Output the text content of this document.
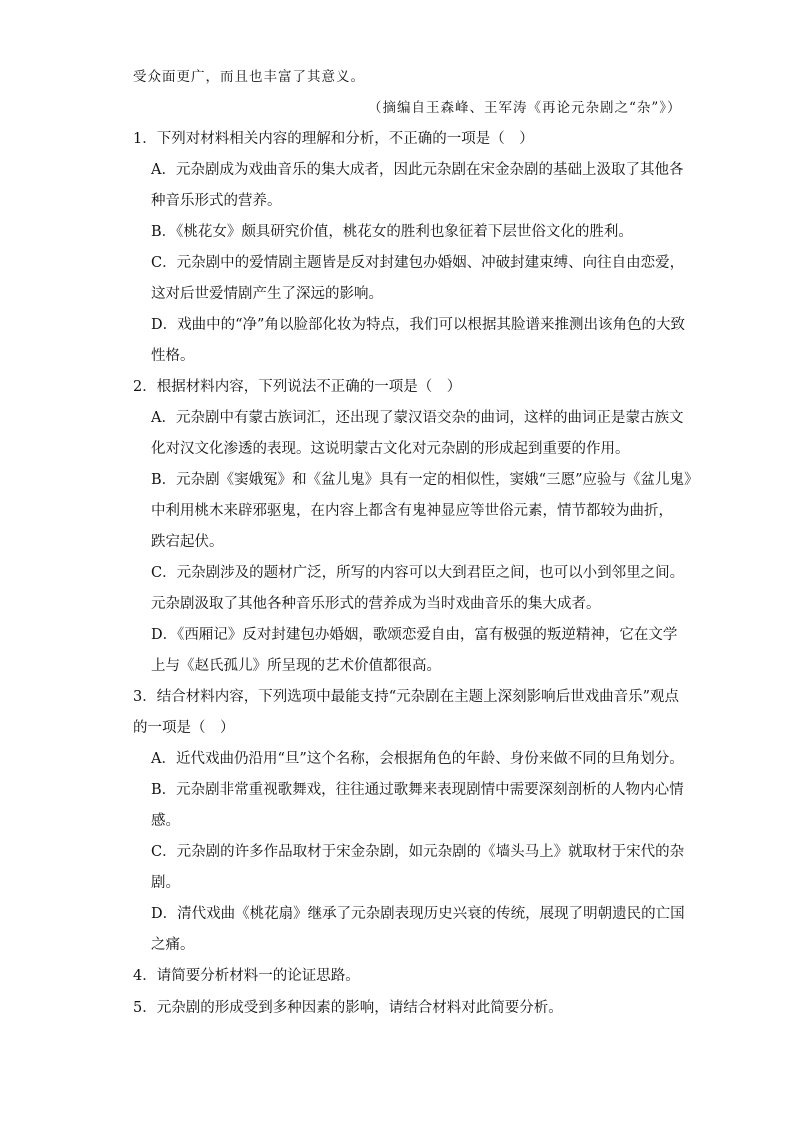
受众面更广，而且也丰富了其意义。
（摘编自王森峰、王军涛《再论元杂剧之“杂”》）
1．下列对材料相关内容的理解和分析，不正确的一项是（　）
A．元杂剧成为戏曲音乐的集大成者，因此元杂剧在宋金杂剧的基础上汲取了其他各
种音乐形式的营养。
B．《桃花女》颇具研究价值，桃花女的胜利也象征着下层世俗文化的胜利。
C．元杂剧中的爱情剧主题皆是反对封建包办婚姻、冲破封建束缚、向往自由恋爱，
这对后世爱情剧产生了深远的影响。
D．戏曲中的“净”角以脸部化妆为特点，我们可以根据其脸谱来推测出该角色的大致
性格。
2．根据材料内容，下列说法不正确的一项是（　）
A．元杂剧中有蒙古族词汇，还出现了蒙汉语交杂的曲词，这样的曲词正是蒙古族文
化对汉文化渗透的表现。这说明蒙古文化对元杂剧的形成起到重要的作用。
B．元杂剧《窦娥冤》和《盆儿鬼》具有一定的相似性，窦娥“三愿”应验与《盆儿鬼》
中利用桃木来辟邪驱鬼，在内容上都含有鬼神显应等世俗元素，情节都较为曲折，
跌宕起伏。
C．元杂剧涉及的题材广泛，所写的内容可以大到君臣之间，也可以小到邻里之间。
元杂剧汲取了其他各种音乐形式的营养成为当时戏曲音乐的集大成者。
D．《西厢记》反对封建包办婚姻，歌颂恋爱自由，富有极强的叛逆精神，它在文学
上与《赵氏孤儿》所呈现的艺术价值都很高。
3．结合材料内容，下列选项中最能支持“元杂剧在主题上深刻影响后世戏曲音乐”观点
的一项是（　）
A．近代戏曲仍沿用“旦”这个名称，会根据角色的年龄、身份来做不同的旦角划分。
B．元杂剧非常重视歌舞戏，往往通过歌舞来表现剧情中需要深刻剖析的人物内心情
感。
C．元杂剧的许多作品取材于宋金杂剧，如元杂剧的《墙头马上》就取材于宋代的杂
剧。
D．清代戏曲《桃花扇》继承了元杂剧表现历史兴衰的传统，展现了明朝遗民的亡国
之痛。
4．请简要分析材料一的论证思路。
5．元杂剧的形成受到多种因素的影响，请结合材料对此简要分析。
